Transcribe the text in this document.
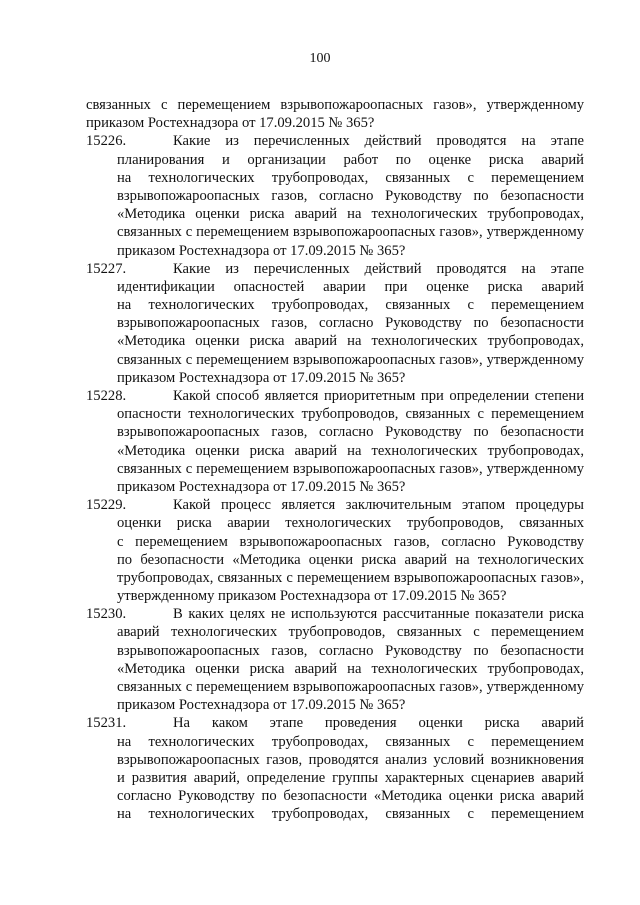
100
связанных с перемещением взрывопожароопасных газов», утвержденному
приказом Ростехнадзора от 17.09.2015 № 365?
15226.	Какие из перечисленных действий проводятся на этапе
планирования и организации работ по оценке риска аварий
на технологических трубопроводах, связанных с перемещением
взрывопожароопасных газов, согласно Руководству по безопасности
«Методика оценки риска аварий на технологических трубопроводах,
связанных с перемещением взрывопожароопасных газов», утвержденному
приказом Ростехнадзора от 17.09.2015 № 365?
15227.	Какие из перечисленных действий проводятся на этапе
идентификации опасностей аварии при оценке риска аварий
на технологических трубопроводах, связанных с перемещением
взрывопожароопасных газов, согласно Руководству по безопасности
«Методика оценки риска аварий на технологических трубопроводах,
связанных с перемещением взрывопожароопасных газов», утвержденному
приказом Ростехнадзора от 17.09.2015 № 365?
15228.	Какой способ является приоритетным при определении степени
опасности технологических трубопроводов, связанных с перемещением
взрывопожароопасных газов, согласно Руководству по безопасности
«Методика оценки риска аварий на технологических трубопроводах,
связанных с перемещением взрывопожароопасных газов», утвержденному
приказом Ростехнадзора от 17.09.2015 № 365?
15229.	Какой процесс является заключительным этапом процедуры
оценки риска аварии технологических трубопроводов, связанных
с перемещением взрывопожароопасных газов, согласно Руководству
по безопасности «Методика оценки риска аварий на технологических
трубопроводах, связанных с перемещением взрывопожароопасных газов»,
утвержденному приказом Ростехнадзора от 17.09.2015 № 365?
15230.	В каких целях не используются рассчитанные показатели риска
аварий технологических трубопроводов, связанных с перемещением
взрывопожароопасных газов, согласно Руководству по безопасности
«Методика оценки риска аварий на технологических трубопроводах,
связанных с перемещением взрывопожароопасных газов», утвержденному
приказом Ростехнадзора от 17.09.2015 № 365?
15231.	На каком этапе проведения оценки риска аварий
на технологических трубопроводах, связанных с перемещением
взрывопожароопасных газов, проводятся анализ условий возникновения
и развития аварий, определение группы характерных сценариев аварий
согласно Руководству по безопасности «Методика оценки риска аварий
на технологических трубопроводах, связанных с перемещением
